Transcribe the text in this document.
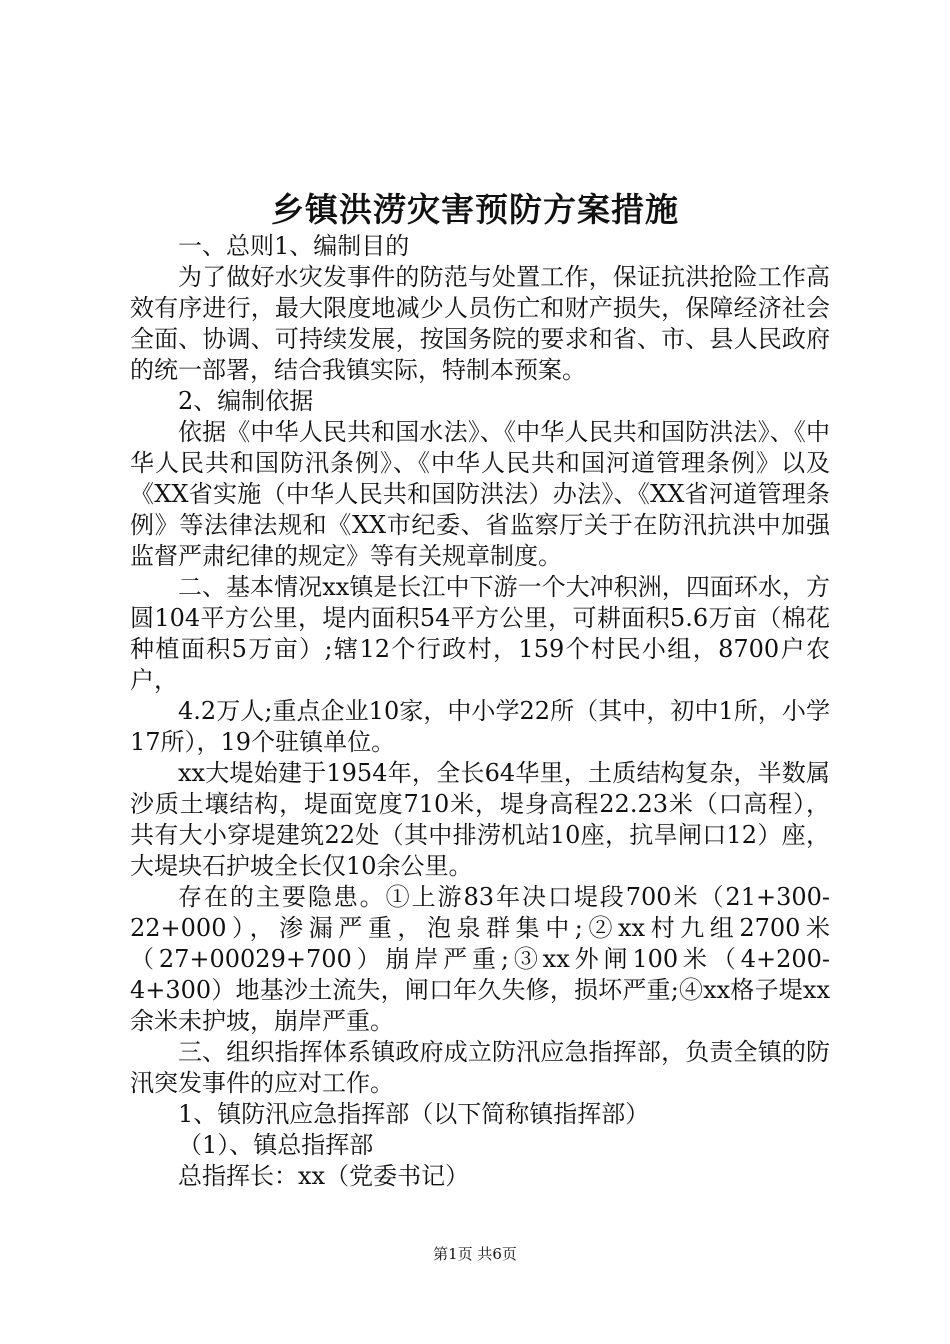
乡镇洪涝灾害预防方案措施

一、总则1、编制目的

为了做好水灾发事件的防范与处置工作，保证抗洪抢险工作高效有序进行，最大限度地减少人员伤亡和财产损失，保障经济社会全面、协调、可持续发展，按国务院的要求和省、市、县人民政府的统一部署，结合我镇实际，特制本预案。

2、编制依据

依据《中华人民共和国水法》、《中华人民共和国防洪法》、《中华人民共和国防汛条例》、《中华人民共和国河道管理条例》以及《XX省实施（中华人民共和国防洪法）办法》、《XX省河道管理条例》等法律法规和《XX市纪委、省监察厅关于在防汛抗洪中加强监督严肃纪律的规定》等有关规章制度。

二、基本情况xx镇是长江中下游一个大冲积洲，四面环水，方圆104平方公里，堤内面积54平方公里，可耕面积5.6万亩（棉花种植面积5万亩）;辖12个行政村，159个村民小组，8700户农户，

4.2万人;重点企业10家，中小学22所（其中，初中1所，小学17所），19个驻镇单位。

xx大堤始建于1954年，全长64华里，土质结构复杂，半数属沙质土壤结构，堤面宽度710米，堤身高程22.23米（口高程），共有大小穿堤建筑22处（其中排涝机站10座，抗旱闸口12）座，大堤块石护坡全长仅10余公里。

存在的主要隐患。①上游83年决口堤段700米（21+300-22+000），渗漏严重，泡泉群集中;②xx村九组2700米（27+00029+700）崩岸严重;③xx外闸100米（4+200-4+300）地基沙土流失，闸口年久失修，损坏严重;④xx格子堤xx余米未护坡，崩岸严重。

三、组织指挥体系镇政府成立防汛应急指挥部，负责全镇的防汛突发事件的应对工作。

1、镇防汛应急指挥部（以下简称镇指挥部）

（1）、镇总指挥部

总指挥长：xx（党委书记）

第1页 共6页
